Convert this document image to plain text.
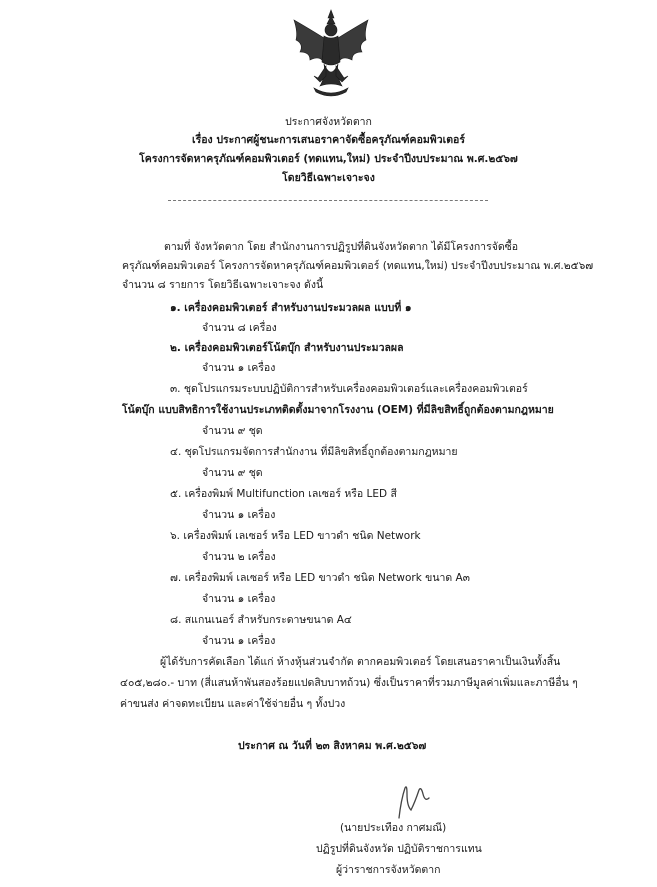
ประกาศจังหวัดตาก
เรื่อง ประกาศผู้ชนะการเสนอราคาจัดซื้อครุภัณฑ์คอมพิวเตอร์
โครงการจัดหาครุภัณฑ์คอมพิวเตอร์ (ทดแทน,ใหม่) ประจำปีงบประมาณ พ.ศ.๒๕๖๗
โดยวิธีเฉพาะเจาะจง
ตามที่ จังหวัดตาก โดย สำนักงานการปฏิรูปที่ดินจังหวัดตาก ได้มีโครงการจัดซื้อ
ครุภัณฑ์คอมพิวเตอร์ โครงการจัดหาครุภัณฑ์คอมพิวเตอร์ (ทดแทน,ใหม่) ประจำปีงบประมาณ พ.ศ.๒๕๖๗
จำนวน ๘ รายการ โดยวิธีเฉพาะเจาะจง ดังนี้
๑. เครื่องคอมพิวเตอร์ สำหรับงานประมวลผล แบบที่ ๑
จำนวน ๘ เครื่อง
๒. เครื่องคอมพิวเตอร์โน้ตบุ๊ก สำหรับงานประมวลผล
จำนวน ๑ เครื่อง
๓. ชุดโปรแกรมระบบปฏิบัติการสำหรับเครื่องคอมพิวเตอร์และเครื่องคอมพิวเตอร์
โน้ตบุ๊ก แบบสิทธิการใช้งานประเภทติดตั้งมาจากโรงงาน (OEM) ที่มีลิขสิทธิ์ถูกต้องตามกฎหมาย
จำนวน ๙ ชุด
๔. ชุดโปรแกรมจัดการสำนักงาน ที่มีลิขสิทธิ์ถูกต้องตามกฎหมาย
จำนวน ๙ ชุด
๕. เครื่องพิมพ์ Multifunction เลเซอร์ หรือ LED สี
จำนวน ๑ เครื่อง
๖. เครื่องพิมพ์ เลเซอร์ หรือ LED ขาวดำ ชนิด Network
จำนวน ๒ เครื่อง
๗. เครื่องพิมพ์ เลเซอร์ หรือ LED ขาวดำ ชนิด Network ขนาด A๓
จำนวน ๑ เครื่อง
๘. สแกนเนอร์ สำหรับกระดาษขนาด A๔
จำนวน ๑ เครื่อง
ผู้ได้รับการคัดเลือก ได้แก่ ห้างหุ้นส่วนจำกัด ตากคอมพิวเตอร์ โดยเสนอราคาเป็นเงินทั้งสิ้น
๔๐๕,๒๘๐.- บาท (สี่แสนห้าพันสองร้อยแปดสิบบาทถ้วน) ซึ่งเป็นราคาที่รวมภาษีมูลค่าเพิ่มและภาษีอื่น ๆ
ค่าขนส่ง ค่าจดทะเบียน และค่าใช้จ่ายอื่น ๆ ทั้งปวง
ประกาศ ณ วันที่ ๒๓ สิงหาคม พ.ศ.๒๕๖๗
(นายประเทือง กาศมณี)
ปฏิรูปที่ดินจังหวัด ปฏิบัติราชการแทน
ผู้ว่าราชการจังหวัดตาก
